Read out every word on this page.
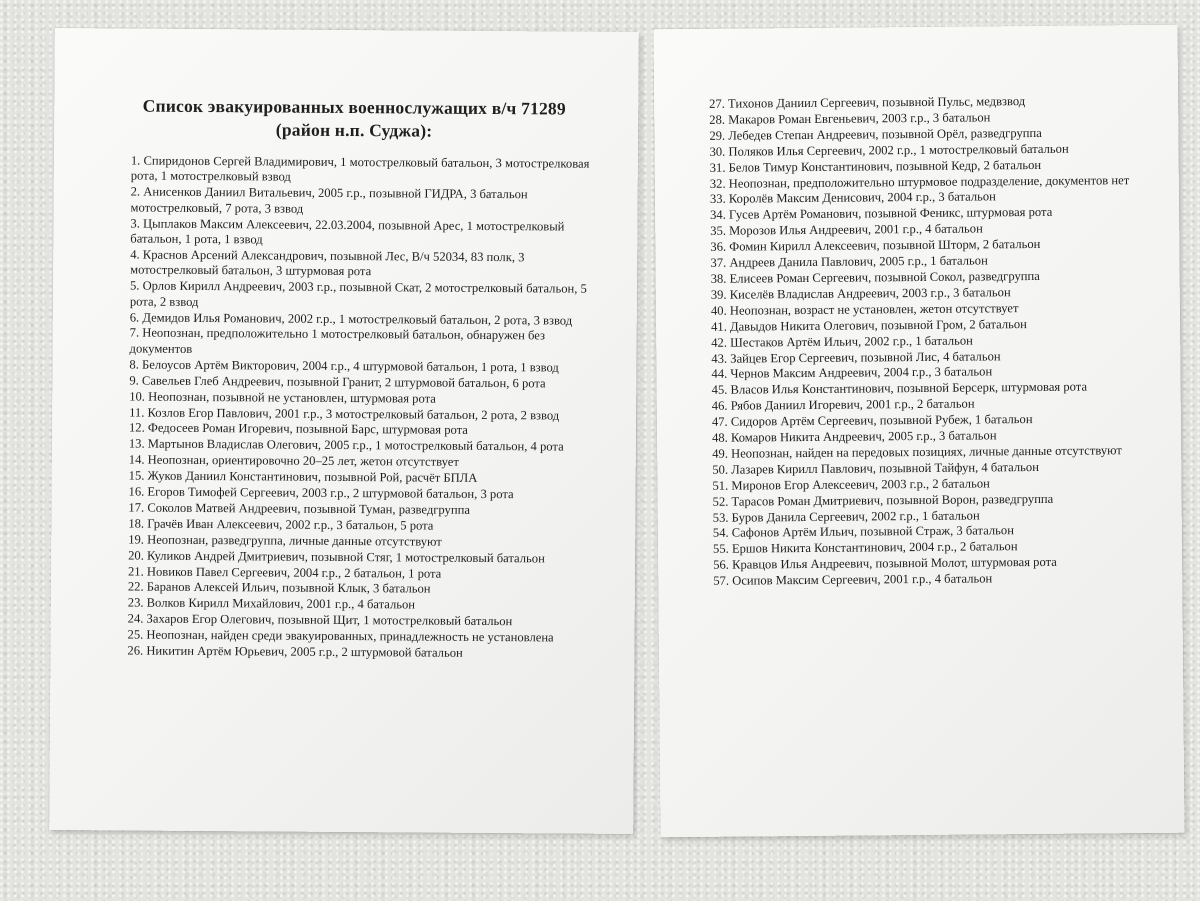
Список эвакуированных военнослужащих в/ч 71289
(район н.п. Суджа):
1. Спиридонов Сергей Владимирович, 1 мотострелковый батальон, 3 мотострелковая рота, 1 мотострелковый взвод
2. Анисенков Даниил Витальевич, 2005 г.р., позывной ГИДРА, 3 батальон мотострелковый, 7 рота, 3 взвод
3. Цыплаков Максим Алексеевич, 22.03.2004, позывной Арес, 1 мотострелковый батальон, 1 рота, 1 взвод
4. Краснов Арсений Александрович, позывной Лес, В/ч 52034, 83 полк, 3 мотострелковый батальон, 3 штурмовая рота
5. Орлов Кирилл Андреевич, 2003 г.р., позывной Скат, 2 мотострелковый батальон, 5 рота, 2 взвод
6. Демидов Илья Романович, 2002 г.р., 1 мотострелковый батальон, 2 рота, 3 взвод
7. Неопознан, предположительно 1 мотострелковый батальон, обнаружен без документов
8. Белоусов Артём Викторович, 2004 г.р., 4 штурмовой батальон, 1 рота, 1 взвод
9. Савельев Глеб Андреевич, позывной Гранит, 2 штурмовой батальон, 6 рота
10. Неопознан, позывной не установлен, штурмовая рота
11. Козлов Егор Павлович, 2001 г.р., 3 мотострелковый батальон, 2 рота, 2 взвод
12. Федосеев Роман Игоревич, позывной Барс, штурмовая рота
13. Мартынов Владислав Олегович, 2005 г.р., 1 мотострелковый батальон, 4 рота
14. Неопознан, ориентировочно 20–25 лет, жетон отсутствует
15. Жуков Даниил Константинович, позывной Рой, расчёт БПЛА
16. Егоров Тимофей Сергеевич, 2003 г.р., 2 штурмовой батальон, 3 рота
17. Соколов Матвей Андреевич, позывной Туман, разведгруппа
18. Грачёв Иван Алексеевич, 2002 г.р., 3 батальон, 5 рота
19. Неопознан, разведгруппа, личные данные отсутствуют
20. Куликов Андрей Дмитриевич, позывной Стяг, 1 мотострелковый батальон
21. Новиков Павел Сергеевич, 2004 г.р., 2 батальон, 1 рота
22. Баранов Алексей Ильич, позывной Клык, 3 батальон
23. Волков Кирилл Михайлович, 2001 г.р., 4 батальон
24. Захаров Егор Олегович, позывной Щит, 1 мотострелковый батальон
25. Неопознан, найден среди эвакуированных, принадлежность не установлена
26. Никитин Артём Юрьевич, 2005 г.р., 2 штурмовой батальон
27. Тихонов Даниил Сергеевич, позывной Пульс, медвзвод
28. Макаров Роман Евгеньевич, 2003 г.р., 3 батальон
29. Лебедев Степан Андреевич, позывной Орёл, разведгруппа
30. Поляков Илья Сергеевич, 2002 г.р., 1 мотострелковый батальон
31. Белов Тимур Константинович, позывной Кедр, 2 батальон
32. Неопознан, предположительно штурмовое подразделение, документов нет
33. Королёв Максим Денисович, 2004 г.р., 3 батальон
34. Гусев Артём Романович, позывной Феникс, штурмовая рота
35. Морозов Илья Андреевич, 2001 г.р., 4 батальон
36. Фомин Кирилл Алексеевич, позывной Шторм, 2 батальон
37. Андреев Данила Павлович, 2005 г.р., 1 батальон
38. Елисеев Роман Сергеевич, позывной Сокол, разведгруппа
39. Киселёв Владислав Андреевич, 2003 г.р., 3 батальон
40. Неопознан, возраст не установлен, жетон отсутствует
41. Давыдов Никита Олегович, позывной Гром, 2 батальон
42. Шестаков Артём Ильич, 2002 г.р., 1 батальон
43. Зайцев Егор Сергеевич, позывной Лис, 4 батальон
44. Чернов Максим Андреевич, 2004 г.р., 3 батальон
45. Власов Илья Константинович, позывной Берсерк, штурмовая рота
46. Рябов Даниил Игоревич, 2001 г.р., 2 батальон
47. Сидоров Артём Сергеевич, позывной Рубеж, 1 батальон
48. Комаров Никита Андреевич, 2005 г.р., 3 батальон
49. Неопознан, найден на передовых позициях, личные данные отсутствуют
50. Лазарев Кирилл Павлович, позывной Тайфун, 4 батальон
51. Миронов Егор Алексеевич, 2003 г.р., 2 батальон
52. Тарасов Роман Дмитриевич, позывной Ворон, разведгруппа
53. Буров Данила Сергеевич, 2002 г.р., 1 батальон
54. Сафонов Артём Ильич, позывной Страж, 3 батальон
55. Ершов Никита Константинович, 2004 г.р., 2 батальон
56. Кравцов Илья Андреевич, позывной Молот, штурмовая рота
57. Осипов Максим Сергеевич, 2001 г.р., 4 батальон
